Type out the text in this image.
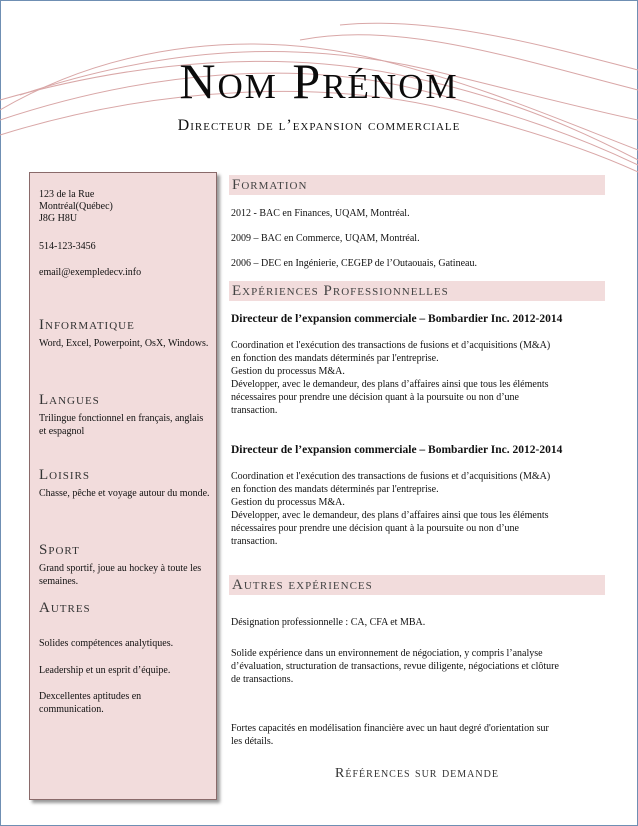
Nom Prénom
Directeur de l’expansion commerciale
123 de la Rue
Montréal(Québec)
J8G H8U
514-123-3456
email@exempledecv.info
Informatique
Word, Excel, Powerpoint, OsX, Windows.
Langues
Trilingue fonctionnel en français, anglais et espagnol
Loisirs
Chasse, pêche et voyage autour du monde.
Sport
Grand sportif, joue au hockey à toute les semaines.
Autres
Solides compétences analytiques.
Leadership et un esprit d’équipe.
Dexcellentes aptitudes en communication.
Formation
2012 - BAC en Finances, UQAM, Montréal.
2009 – BAC en Commerce, UQAM, Montréal.
2006 – DEC en Ingénierie, CEGEP de l’Outaouais, Gatineau.
Expériences Professionnelles
Directeur de l’expansion commerciale – Bombardier Inc. 2012-2014
Coordination et l'exécution des transactions de fusions et d’acquisitions (M&A)
en fonction des mandats déterminés par l'entreprise.
Gestion du processus M&A.
Développer, avec le demandeur, des plans d’affaires ainsi que tous les éléments
nécessaires pour prendre une décision quant à la poursuite ou non d’une
transaction.
Directeur de l’expansion commerciale – Bombardier Inc. 2012-2014
Coordination et l'exécution des transactions de fusions et d’acquisitions (M&A)
en fonction des mandats déterminés par l'entreprise.
Gestion du processus M&A.
Développer, avec le demandeur, des plans d’affaires ainsi que tous les éléments
nécessaires pour prendre une décision quant à la poursuite ou non d’une
transaction.
Autres expériences
Désignation professionnelle : CA, CFA et MBA.
Solide expérience dans un environnement de négociation, y compris l’analyse
d’évaluation, structuration de transactions, revue diligente, négociations et clôture
de transactions.
Fortes capacités en modélisation financière avec un haut degré d'orientation sur
les détails.
Références sur demande
